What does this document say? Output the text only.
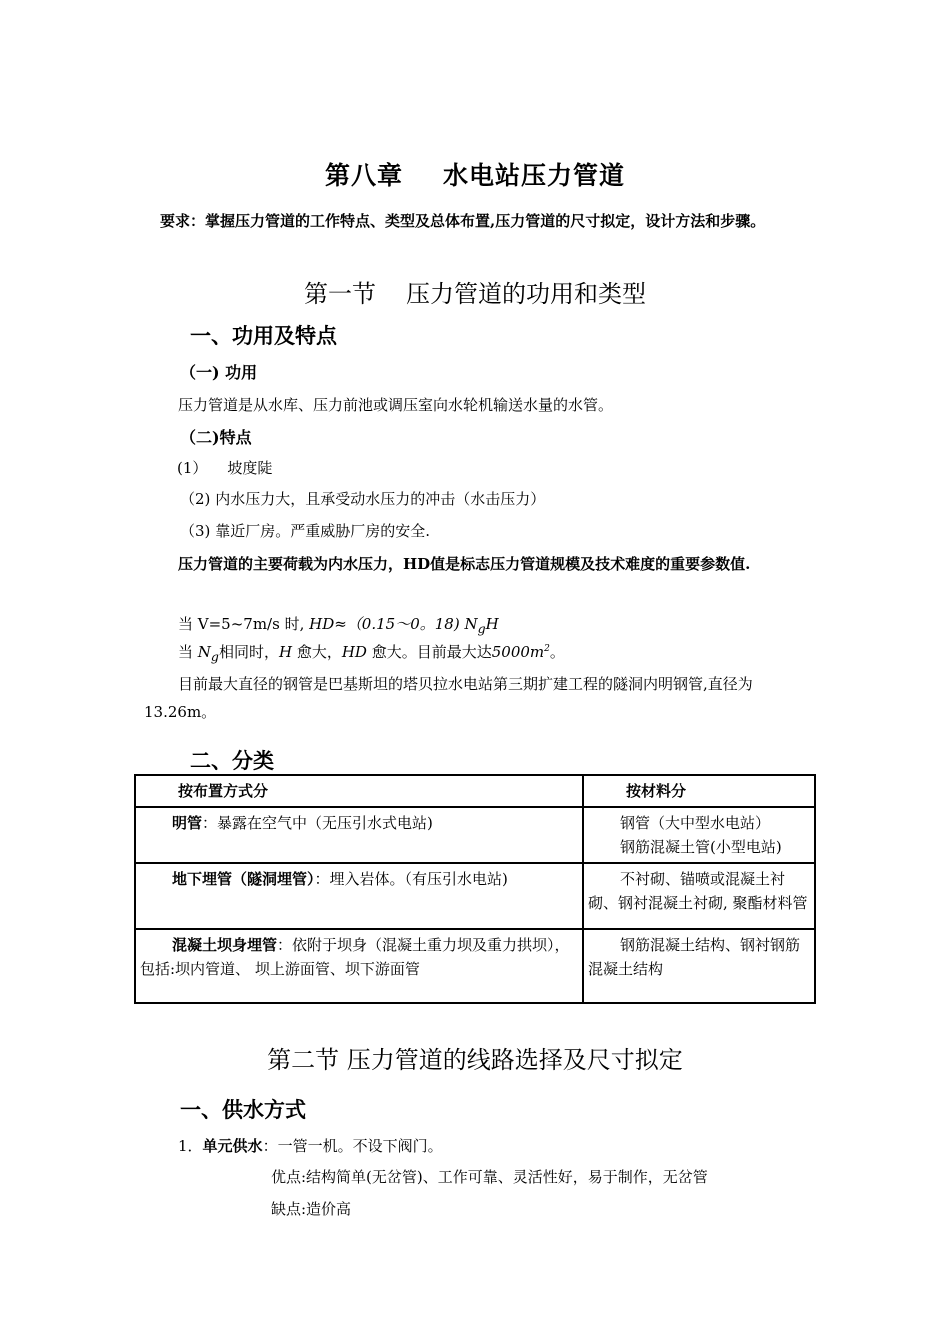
第八章 水电站压力管道
要求：掌握压力管道的工作特点、类型及总体布置,压力管道的尺寸拟定，设计方法和步骤。
第一节 压力管道的功用和类型
一、功用及特点
（一) 功用
压力管道是从水库、压力前池或调压室向水轮机输送水量的水管。
（二)特点
(1） 坡度陡
（2) 内水压力大，且承受动水压力的冲击（水击压力）
（3) 靠近厂房。严重威胁厂房的安全.
压力管道的主要荷载为内水压力，HD值是标志压力管道规模及技术难度的重要参数值.
当 V=5~7m/s 时, HD≈（0.15～0。18) $N_gH$
当 $N_g$相同时，H 愈大，HD 愈大。目前最大达$5000m^2$。
目前最大直径的钢管是巴基斯坦的塔贝拉水电站第三期扩建工程的隧洞内明钢管,直径为13.26m。
二、分类
按布置方式分	按材料分
明管：暴露在空气中（无压引水式电站)	钢管（大中型水电站）
钢筋混凝土管(小型电站)

地下埋管（隧洞埋管）：埋入岩体。（有压引水电站)	不衬砌、锚喷或混凝土衬砌、钢衬混凝土衬砌, 聚酯材料管
混凝土坝身埋管：依附于坝身（混凝土重力坝及重力拱坝），包括:坝内管道、 坝上游面管、坝下游面管	钢筋混凝土结构、钢衬钢筋混凝土结构
第二节 压力管道的线路选择及尺寸拟定
一、供水方式
1．单元供水：一管一机。不设下阀门。
优点:结构简单(无岔管)、工作可靠、灵活性好，易于制作，无岔管
缺点:造价高
